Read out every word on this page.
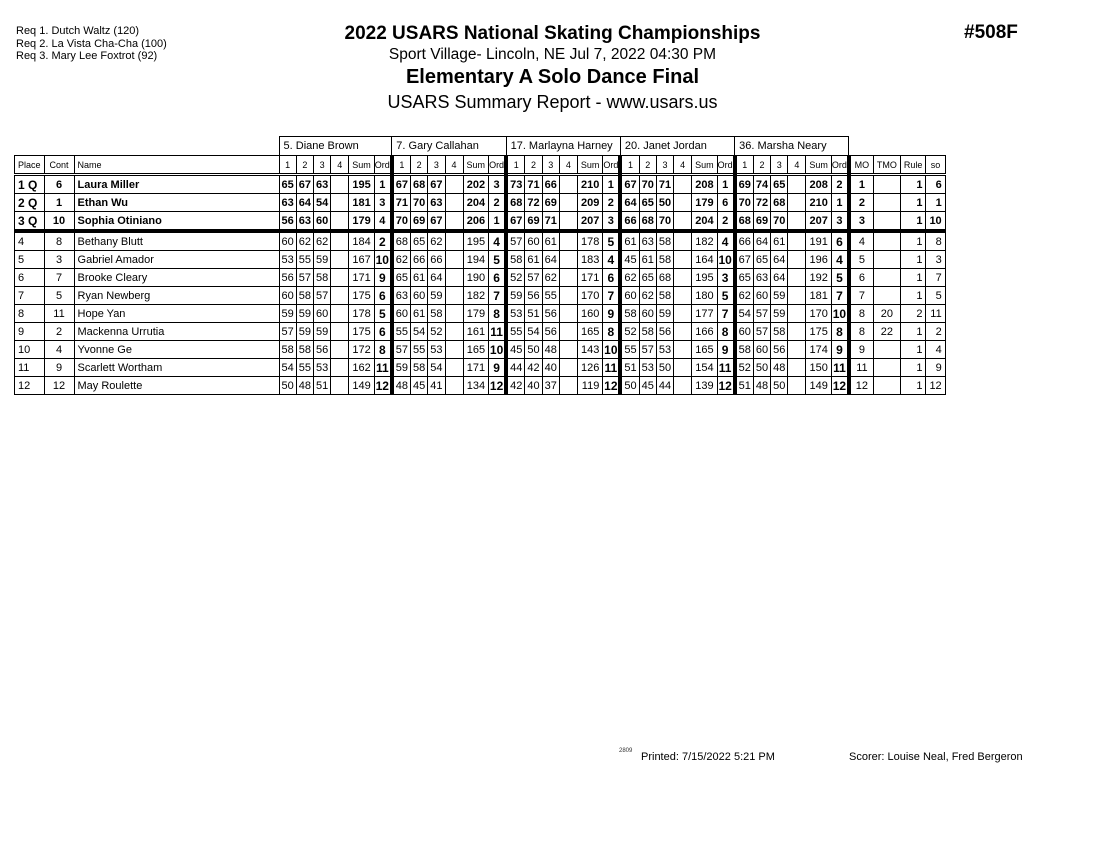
Req 1. Dutch Waltz (120)
Req 2. La Vista Cha-Cha (100)
Req 3. Mary Lee Foxtrot (92)
2022 USARS National Skating Championships
Sport Village- Lincoln, NE Jul 7, 2022 04:30 PM
Elementary A Solo Dance Final
USARS Summary Report - www.usars.us
#508F
			5. Diane Brown						7. Gary Callahan						17. Marlayna Harney						20. Janet Jordan						36. Marsha Neary									
Place	Cont	Name	1	2	3	4	Sum	Ord	1	2	3	4	Sum	Ord	1	2	3	4	Sum	Ord	1	2	3	4	Sum	Ord	1	2	3	4	Sum	Ord	MO	TMO	Rule	so
1 Q	6	Laura Miller	65	67	63		195	1	67	68	67		202	3	73	71	66		210	1	67	70	71		208	1	69	74	65		208	2	1		1	6
2 Q	1	Ethan Wu	63	64	54		181	3	71	70	63		204	2	68	72	69		209	2	64	65	50		179	6	70	72	68		210	1	2		1	1
3 Q	10	Sophia Otiniano	56	63	60		179	4	70	69	67		206	1	67	69	71		207	3	66	68	70		204	2	68	69	70		207	3	3		1	10
4	8	Bethany Blutt	60	62	62		184	2	68	65	62		195	4	57	60	61		178	5	61	63	58		182	4	66	64	61		191	6	4		1	8
5	3	Gabriel Amador	53	55	59		167	10	62	66	66		194	5	58	61	64		183	4	45	61	58		164	10	67	65	64		196	4	5		1	3
6	7	Brooke Cleary	56	57	58		171	9	65	61	64		190	6	52	57	62		171	6	62	65	68		195	3	65	63	64		192	5	6		1	7
7	5	Ryan Newberg	60	58	57		175	6	63	60	59		182	7	59	56	55		170	7	60	62	58		180	5	62	60	59		181	7	7		1	5
8	11	Hope Yan	59	59	60		178	5	60	61	58		179	8	53	51	56		160	9	58	60	59		177	7	54	57	59		170	10	8	20	2	11
9	2	Mackenna Urrutia	57	59	59		175	6	55	54	52		161	11	55	54	56		165	8	52	58	56		166	8	60	57	58		175	8	8	22	1	2
10	4	Yvonne Ge	58	58	56		172	8	57	55	53		165	10	45	50	48		143	10	55	57	53		165	9	58	60	56		174	9	9		1	4
11	9	Scarlett Wortham	54	55	53		162	11	59	58	54		171	9	44	42	40		126	11	51	53	50		154	11	52	50	48		150	11	11		1	9
12	12	May Roulette	50	48	51		149	12	48	45	41		134	12	42	40	37		119	12	50	45	44		139	12	51	48	50		149	12	12		1	12
2809 Printed: 7/15/2022 5:21 PM	Scorer: Louise Neal, Fred Bergeron
